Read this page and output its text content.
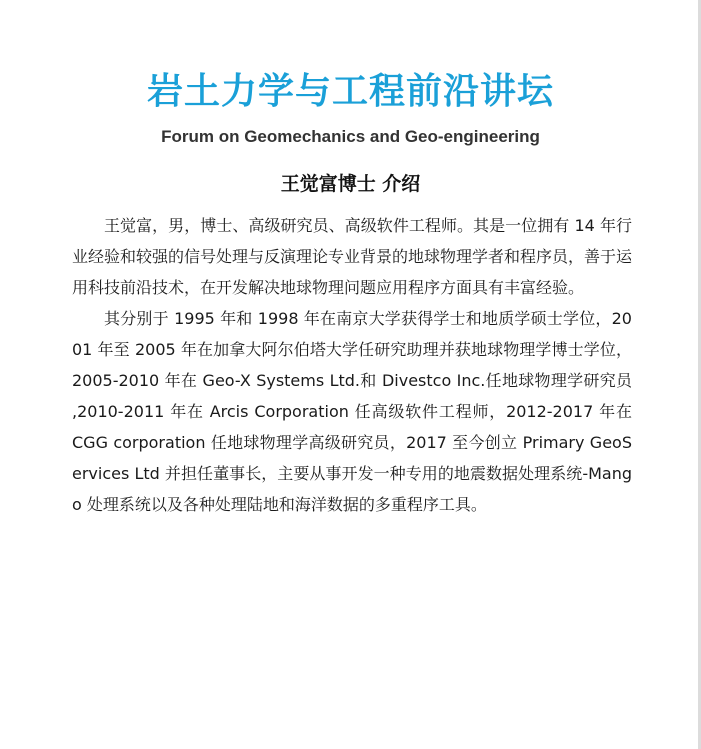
岩土力学与工程前沿讲坛
Forum on Geomechanics and Geo-engineering
王觉富博士 介绍

王觉富，男，博士、高级研究员、高级软件工程师。其是一位拥有 14 年行业经验和较强的信号处理与反演理论专业背景的地球物理学者和程序员，善于运用科技前沿技术，在开发解决地球物理问题应用程序方面具有丰富经验。

其分别于 1995 年和 1998 年在南京大学获得学士和地质学硕士学位，2001 年至 2005 年在加拿大阿尔伯塔大学任研究助理并获地球物理学博士学位，2005-2010 年在 Geo-X Systems Ltd.和 Divestco Inc.任地球物理学研究员 ,2010-2011 年在 Arcis Corporation 任高级软件工程师，2012-2017 年在 CGG corporation 任地球物理学高级研究员，2017 至今创立 Primary GeoServices Ltd 并担任董事长，主要从事开发一种专用的地震数据处理系统-Mango 处理系统以及各种处理陆地和海洋数据的多重程序工具。
